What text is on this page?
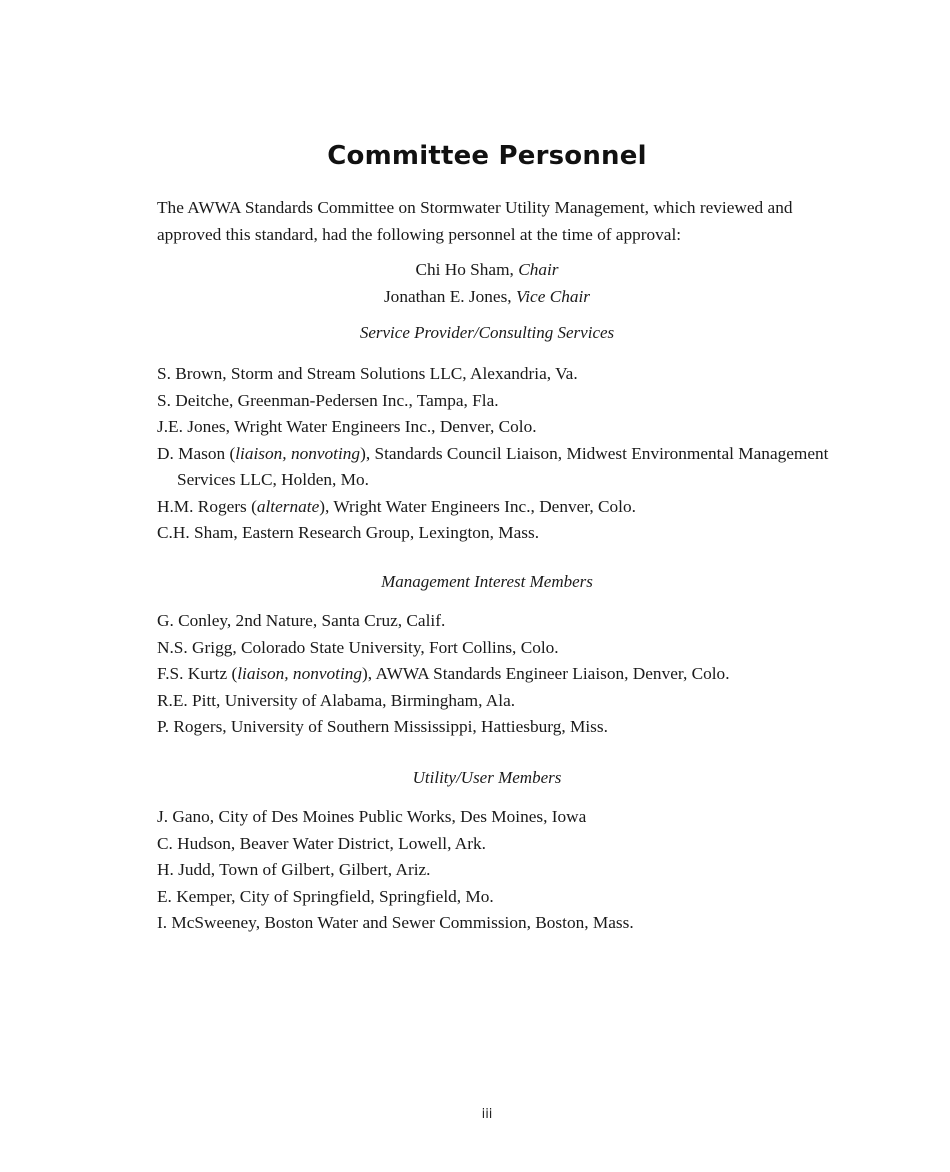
Committee Personnel

The AWWA Standards Committee on Stormwater Utility Management, which reviewed and approved this standard, had the following personnel at the time of approval:

Chi Ho Sham, Chair
Jonathan E. Jones, Vice Chair
Service Provider/Consulting Services
S. Brown, Storm and Stream Solutions LLC, Alexandria, Va.
S. Deitche, Greenman-Pedersen Inc., Tampa, Fla.
J.E. Jones, Wright Water Engineers Inc., Denver, Colo.
D. Mason (liaison, nonvoting), Standards Council Liaison, Midwest Environmental Management Services LLC, Holden, Mo.
H.M. Rogers (alternate), Wright Water Engineers Inc., Denver, Colo.
C.H. Sham, Eastern Research Group, Lexington, Mass.
Management Interest Members
G. Conley, 2nd Nature, Santa Cruz, Calif.
N.S. Grigg, Colorado State University, Fort Collins, Colo.
F.S. Kurtz (liaison, nonvoting), AWWA Standards Engineer Liaison, Denver, Colo.
R.E. Pitt, University of Alabama, Birmingham, Ala.
P. Rogers, University of Southern Mississippi, Hattiesburg, Miss.
Utility/User Members
J. Gano, City of Des Moines Public Works, Des Moines, Iowa
C. Hudson, Beaver Water District, Lowell, Ark.
H. Judd, Town of Gilbert, Gilbert, Ariz.
E. Kemper, City of Springfield, Springfield, Mo.
I. McSweeney, Boston Water and Sewer Commission, Boston, Mass.
iii
